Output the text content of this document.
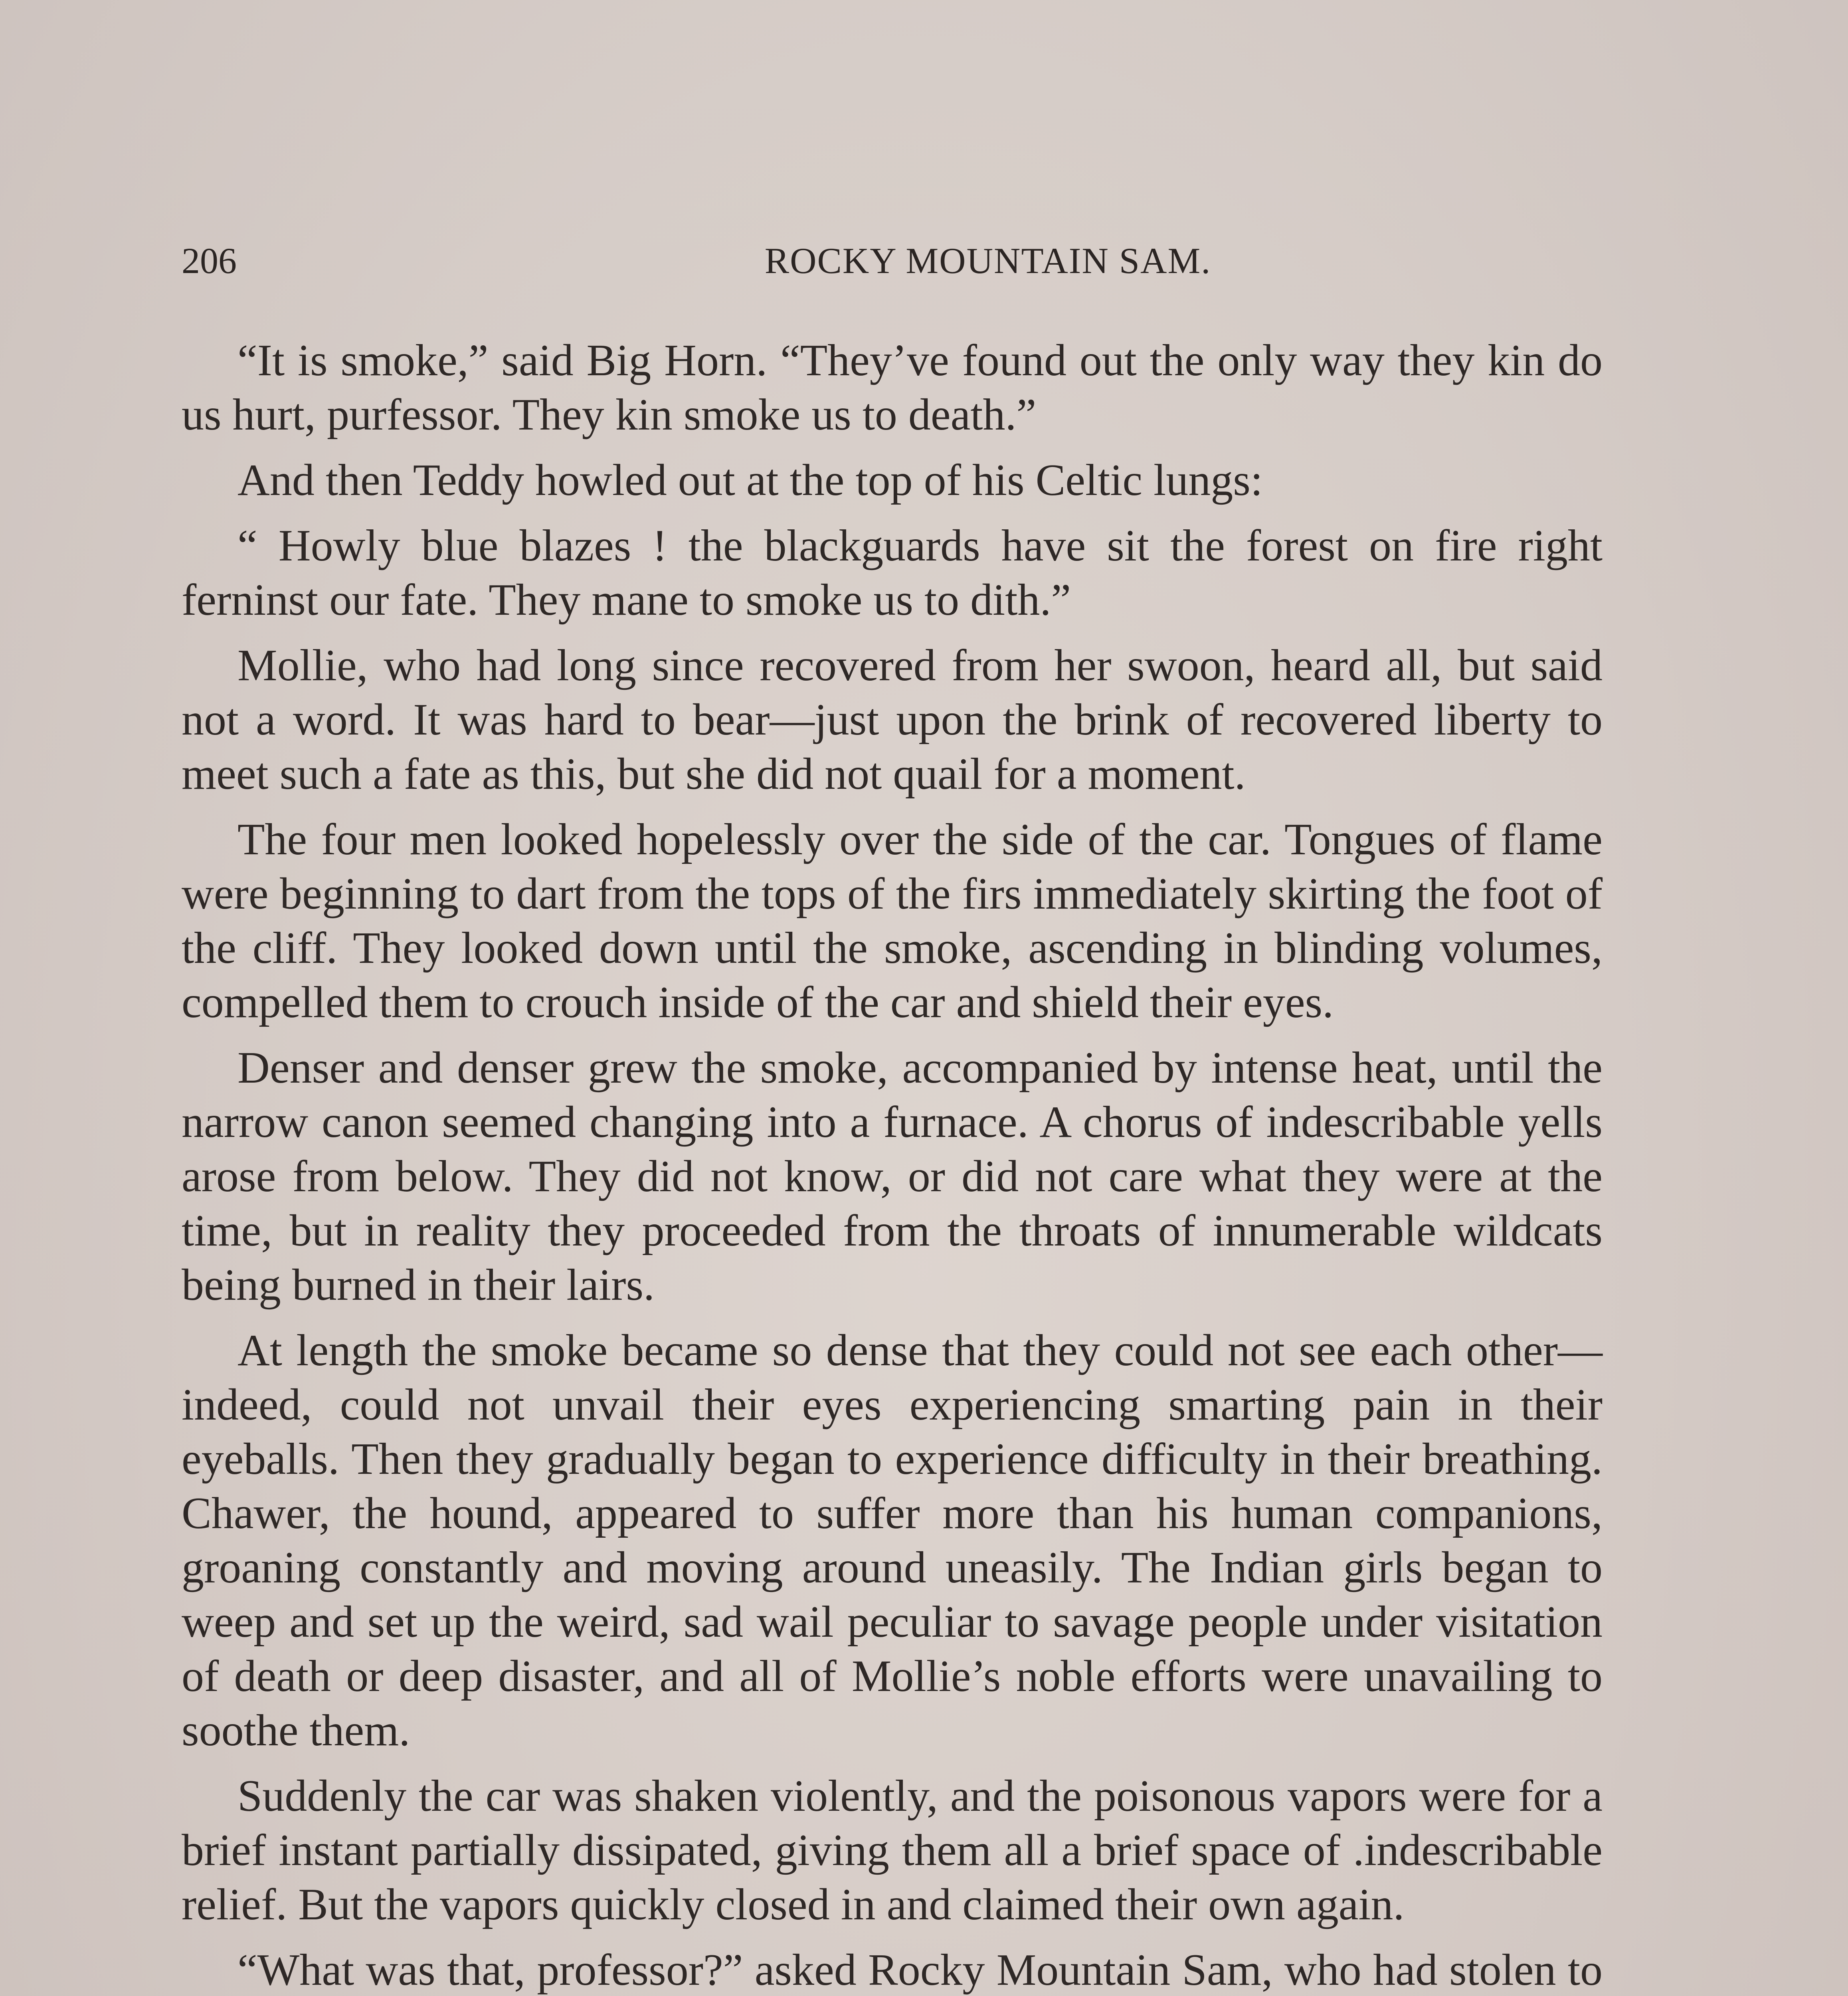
206	ROCKY MOUNTAIN SAM.

“It is smoke,” said Big Horn. “They’ve found out the only way they kin do us hurt, purfessor. They kin smoke us to death.”

And then Teddy howled out at the top of his Celtic lungs:

“ Howly blue blazes ! the blackguards have sit the forest on fire right ferninst our fate. They mane to smoke us to dith.”

Mollie, who had long since recovered from her swoon, heard all, but said not a word. It was hard to bear—just upon the brink of recovered liberty to meet such a fate as this, but she did not quail for a moment.

The four men looked hopelessly over the side of the car. Tongues of flame were beginning to dart from the tops of the firs immediately skirting the foot of the cliff. They looked down until the smoke, ascending in blinding volumes, compelled them to crouch inside of the car and shield their eyes.

Denser and denser grew the smoke, accompanied by intense heat, until the narrow canon seemed changing into a furnace. A chorus of indescribable yells arose from below. They did not know, or did not care what they were at the time, but in reality they proceeded from the throats of innumerable wildcats being burned in their lairs.

At length the smoke became so dense that they could not see each other—indeed, could not unvail their eyes experiencing smarting pain in their eyeballs. Then they gradually began to experience difficulty in their breathing. Chawer, the hound, appeared to suffer more than his human companions, groaning constantly and moving around uneasily. The Indian girls began to weep and set up the weird, sad wail peculiar to savage people under visitation of death or deep disaster, and all of Mollie’s noble efforts were unavailing to soothe them.

Suddenly the car was shaken violently, and the poisonous vapors were for a brief instant partially dissipated, giving them all a brief space of .indescribable relief. But the vapors quickly closed in and claimed their own again.

“What was that, professor?” asked Rocky Mountain Sam, who had stolen to
